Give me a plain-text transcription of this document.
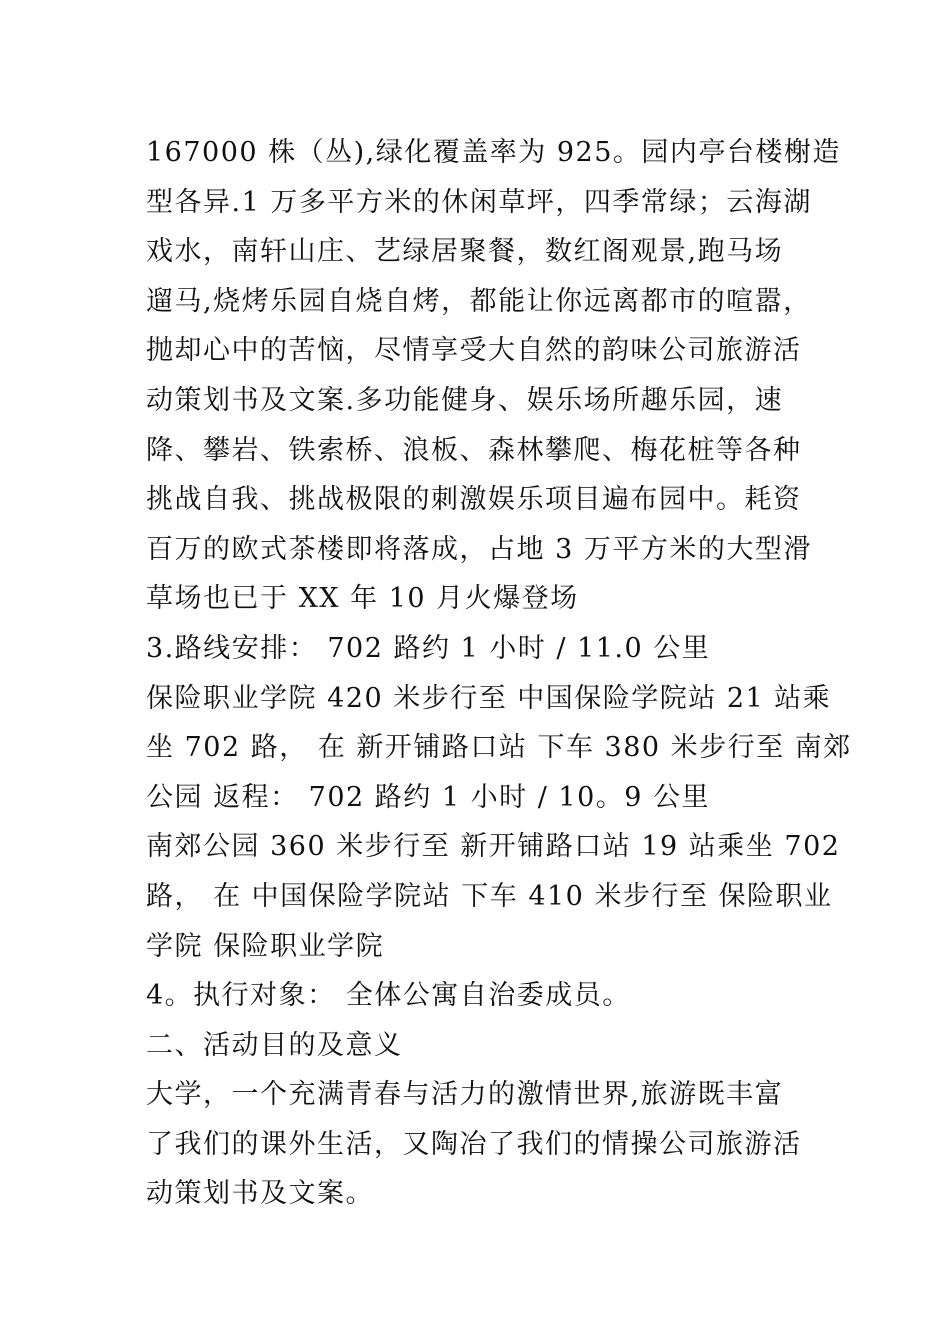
167000 株（丛),绿化覆盖率为 925。园内亭台楼榭造
型各异.1 万多平方米的休闲草坪，四季常绿；云海湖
戏水，南轩山庄、艺绿居聚餐，数红阁观景,跑马场
遛马,烧烤乐园自烧自烤，都能让你远离都市的喧嚣，
抛却心中的苦恼，尽情享受大自然的韵味公司旅游活
动策划书及文案.多功能健身、娱乐场所趣乐园，速
降、攀岩、铁索桥、浪板、森林攀爬、梅花桩等各种
挑战自我、挑战极限的刺激娱乐项目遍布园中。耗资
百万的欧式茶楼即将落成，占地 3 万平方米的大型滑
草场也已于 XX 年 10 月火爆登场
3.路线安排： 702 路约 1 小时 / 11.0 公里
保险职业学院 420 米步行至 中国保险学院站 21 站乘
坐 702 路， 在 新开铺路口站 下车 380 米步行至 南郊
公园 返程： 702 路约 1 小时 / 10。9 公里
南郊公园 360 米步行至 新开铺路口站 19 站乘坐 702
路， 在 中国保险学院站 下车 410 米步行至 保险职业
学院 保险职业学院
4。执行对象： 全体公寓自治委成员。
二、活动目的及意义
大学，一个充满青春与活力的激情世界,旅游既丰富
了我们的课外生活，又陶冶了我们的情操公司旅游活
动策划书及文案。
